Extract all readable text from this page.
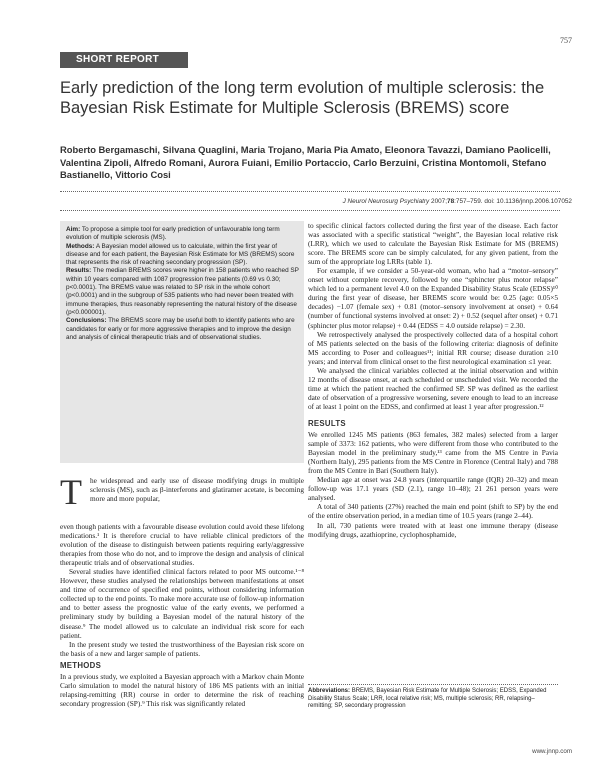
757
SHORT REPORT
Early prediction of the long term evolution of multiple sclerosis: the Bayesian Risk Estimate for Multiple Sclerosis (BREMS) score
Roberto Bergamaschi, Silvana Quaglini, Maria Trojano, Maria Pia Amato, Eleonora Tavazzi, Damiano Paolicelli, Valentina Zipoli, Alfredo Romani, Aurora Fuiani, Emilio Portaccio, Carlo Berzuini, Cristina Montomoli, Stefano Bastianello, Vittorio Cosi
J Neurol Neurosurg Psychiatry 2007;78:757–759. doi: 10.1136/jnnp.2006.107052

Aim: To propose a simple tool for early prediction of unfavourable long term evolution of multiple sclerosis (MS).

Methods: A Bayesian model allowed us to calculate, within the first year of disease and for each patient, the Bayesian Risk Estimate for MS (BREMS) score that represents the risk of reaching secondary progression (SP).

Results: The median BREMS scores were higher in 158 patients who reached SP within 10 years compared with 1087 progression free patients (0.69 vs 0.30; p<0.0001). The BREMS value was related to SP risk in the whole cohort (p<0.0001) and in the subgroup of 535 patients who had never been treated with immune therapies, thus reasonably representing the natural history of the disease (p<0.000001).

Conclusions: The BREMS score may be useful both to identify patients who are candidates for early or for more aggressive therapies and to improve the design and analysis of clinical therapeutic trials and of observational studies.

T he widespread and early use of disease modifying drugs in multiple sclerosis (MS), such as β-interferons and glatiramer acetate, is becoming more and more popular,

even though patients with a favourable disease evolution could avoid these lifelong medications.¹ It is therefore crucial to have reliable clinical predictors of the evolution of the disease to distinguish between patients requiring early/aggressive therapies from those who do not, and to improve the design and analysis of clinical therapeutic trials and of observational studies.

Several studies have identified clinical factors related to poor MS outcome.¹⁻⁸ However, these studies analysed the relationships between manifestations at onset and time of occurrence of specified end points, without considering information collected up to the end points. To make more accurate use of follow-up information and to better assess the prognostic value of the early events, we performed a preliminary study by building a Bayesian model of the natural history of the disease.⁹ The model allowed us to calculate an individual risk score for each patient.

In the present study we tested the trustworthiness of the Bayesian risk score on the basis of a new and larger sample of patients.

METHODS

In a previous study, we exploited a Bayesian approach with a Markov chain Monte Carlo simulation to model the natural history of 186 MS patients with an initial relapsing-remitting (RR) course in order to determine the risk of reaching secondary progression (SP).⁹ This risk was significantly related

to specific clinical factors collected during the first year of the disease. Each factor was associated with a specific statistical “weight”, the Bayesian local relative risk (LRR), which we used to calculate the Bayesian Risk Estimate for MS (BREMS) score. The BREMS score can be simply calculated, for any given patient, from the sum of the appropriate log LRRs (table 1).

For example, if we consider a 50-year-old woman, who had a “motor–sensory” onset without complete recovery, followed by one “sphincter plus motor relapse” which led to a permanent level 4.0 on the Expanded Disability Status Scale (EDSS)¹⁰ during the first year of disease, her BREMS score would be: 0.25 (age: 0.05×5 decades) −1.07 (female sex) + 0.81 (motor–sensory involvement at onset) + 0.64 (number of functional systems involved at onset: 2) + 0.52 (sequel after onset) + 0.71 (sphincter plus motor relapse) + 0.44 (EDSS = 4.0 outside relapse) = 2.30.

We retrospectively analysed the prospectively collected data of a hospital cohort of MS patients selected on the basis of the following criteria: diagnosis of definite MS according to Poser and colleagues¹¹; initial RR course; disease duration ≥10 years; and interval from clinical onset to the first neurological examination ≤1 year.

We analysed the clinical variables collected at the initial observation and within 12 months of disease onset, at each scheduled or unscheduled visit. We recorded the time at which the patient reached the confirmed SP. SP was defined as the earliest date of observation of a progressive worsening, severe enough to lead to an increase of at least 1 point on the EDSS, and confirmed at least 1 year after progression.¹²

RESULTS

We enrolled 1245 MS patients (863 females, 382 males) selected from a larger sample of 3373: 162 patients, who were different from those who contributed to the Bayesian model in the preliminary study,¹³ came from the MS Centre in Pavia (Northern Italy), 295 patients from the MS Centre in Florence (Central Italy) and 788 from the MS Centre in Bari (Southern Italy).

Median age at onset was 24.8 years (interquartile range (IQR) 20–32) and mean follow-up was 17.1 years (SD (2.1), range 10–48); 21 261 person years were analysed.

A total of 340 patients (27%) reached the main end point (shift to SP) by the end of the entire observation period, in a median time of 10.5 years (range 2–44).

In all, 730 patients were treated with at least one immune therapy (disease modifying drugs, azathioprine, cyclophosphamide,

Abbreviations: BREMS, Bayesian Risk Estimate for Multiple Sclerosis; EDSS, Expanded Disability Status Scale; LRR, local relative risk; MS, multiple sclerosis; RR, relapsing–remitting; SP, secondary progression
www.jnnp.com
